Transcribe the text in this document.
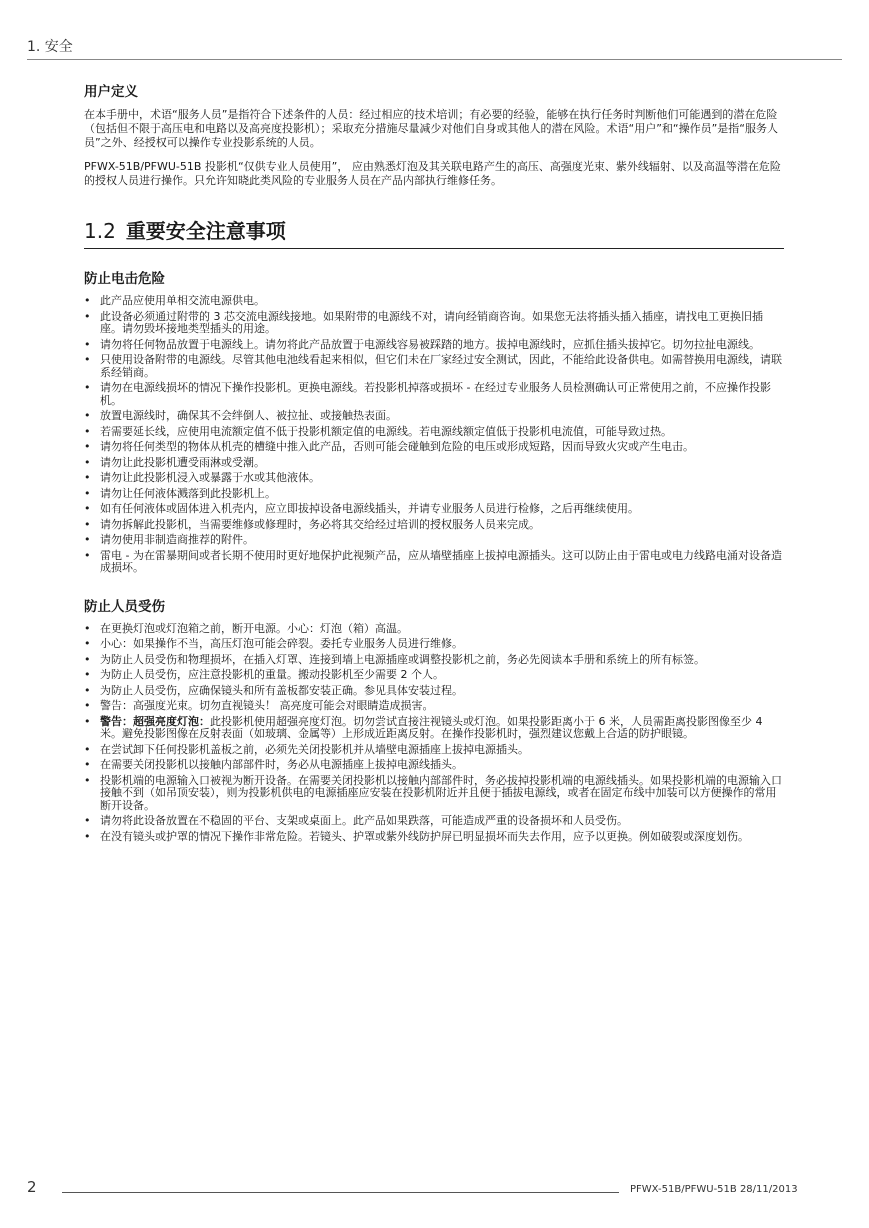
1. 安全
用户定义

在本手册中，术语“服务人员”是指符合下述条件的人员：经过相应的技术培训；有必要的经验，能够在执行任务时判断他们可能遇到的潜在危险（包括但不限于高压电和电路以及高亮度投影机）；采取充分措施尽量减少对他们自身或其他人的潜在风险。术语“用户”和“操作员”是指“服务人员”之外、经授权可以操作专业投影系统的人员。

PFWX-51B/PFWU-51B 投影机“仅供专业人员使用”， 应由熟悉灯泡及其关联电路产生的高压、高强度光束、紫外线辐射、以及高温等潜在危险的授权人员进行操作。只允许知晓此类风险的专业服务人员在产品内部执行维修任务。

1.2 重要安全注意事项
防止电击危险
• 此产品应使用单相交流电源供电。
• 此设备必须通过附带的 3 芯交流电源线接地。如果附带的电源线不对，请向经销商咨询。如果您无法将插头插入插座，请找电工更换旧插座。请勿毁坏接地类型插头的用途。
• 请勿将任何物品放置于电源线上。请勿将此产品放置于电源线容易被踩踏的地方。拔掉电源线时，应抓住插头拔掉它。切勿拉扯电源线。
• 只使用设备附带的电源线。尽管其他电池线看起来相似，但它们未在厂家经过安全测试，因此，不能给此设备供电。如需替换用电源线，请联系经销商。
• 请勿在电源线损坏的情况下操作投影机。更换电源线。若投影机掉落或损坏 - 在经过专业服务人员检测确认可正常使用之前，不应操作投影机。
• 放置电源线时，确保其不会绊倒人、被拉扯、或接触热表面。
• 若需要延长线，应使用电流额定值不低于投影机额定值的电源线。若电源线额定值低于投影机电流值，可能导致过热。
• 请勿将任何类型的物体从机壳的槽缝中推入此产品，否则可能会碰触到危险的电压或形成短路，因而导致火灾或产生电击。
• 请勿让此投影机遭受雨淋或受潮。
• 请勿让此投影机浸入或暴露于水或其他液体。
• 请勿让任何液体溅落到此投影机上。
• 如有任何液体或固体进入机壳内，应立即拔掉设备电源线插头，并请专业服务人员进行检修，之后再继续使用。
• 请勿拆解此投影机，当需要维修或修理时，务必将其交给经过培训的授权服务人员来完成。
• 请勿使用非制造商推荐的附件。
• 雷电 - 为在雷暴期间或者长期不使用时更好地保护此视频产品，应从墙壁插座上拔掉电源插头。这可以防止由于雷电或电力线路电涌对设备造成损坏。
防止人员受伤
• 在更换灯泡或灯泡箱之前，断开电源。小心：灯泡（箱）高温。
• 小心：如果操作不当，高压灯泡可能会碎裂。委托专业服务人员进行维修。
• 为防止人员受伤和物理损坏，在插入灯罩、连接到墙上电源插座或调整投影机之前，务必先阅读本手册和系统上的所有标签。
• 为防止人员受伤，应注意投影机的重量。搬动投影机至少需要 2 个人。
• 为防止人员受伤，应确保镜头和所有盖板都安装正确。参见具体安装过程。
• 警告：高强度光束。切勿直视镜头！ 高亮度可能会对眼睛造成损害。
• 警告：超强亮度灯泡：此投影机使用超强亮度灯泡。切勿尝试直接注视镜头或灯泡。如果投影距离小于 6 米，人员需距离投影图像至少 4 米。避免投影图像在反射表面（如玻璃、金属等）上形成近距离反射。在操作投影机时，强烈建议您戴上合适的防护眼镜。
• 在尝试卸下任何投影机盖板之前，必须先关闭投影机并从墙壁电源插座上拔掉电源插头。
• 在需要关闭投影机以接触内部部件时，务必从电源插座上拔掉电源线插头。
• 投影机端的电源输入口被视为断开设备。在需要关闭投影机以接触内部部件时，务必拔掉投影机端的电源线插头。如果投影机端的电源输入口接触不到（如吊顶安装），则为投影机供电的电源插座应安装在投影机附近并且便于插拔电源线，或者在固定布线中加装可以方便操作的常用断开设备。
• 请勿将此设备放置在不稳固的平台、支架或桌面上。此产品如果跌落，可能造成严重的设备损坏和人员受伤。
• 在没有镜头或护罩的情况下操作非常危险。若镜头、护罩或紫外线防护屏已明显损坏而失去作用，应予以更换。例如破裂或深度划伤。
2	PFWX-51B/PFWU-51B 28/11/2013
